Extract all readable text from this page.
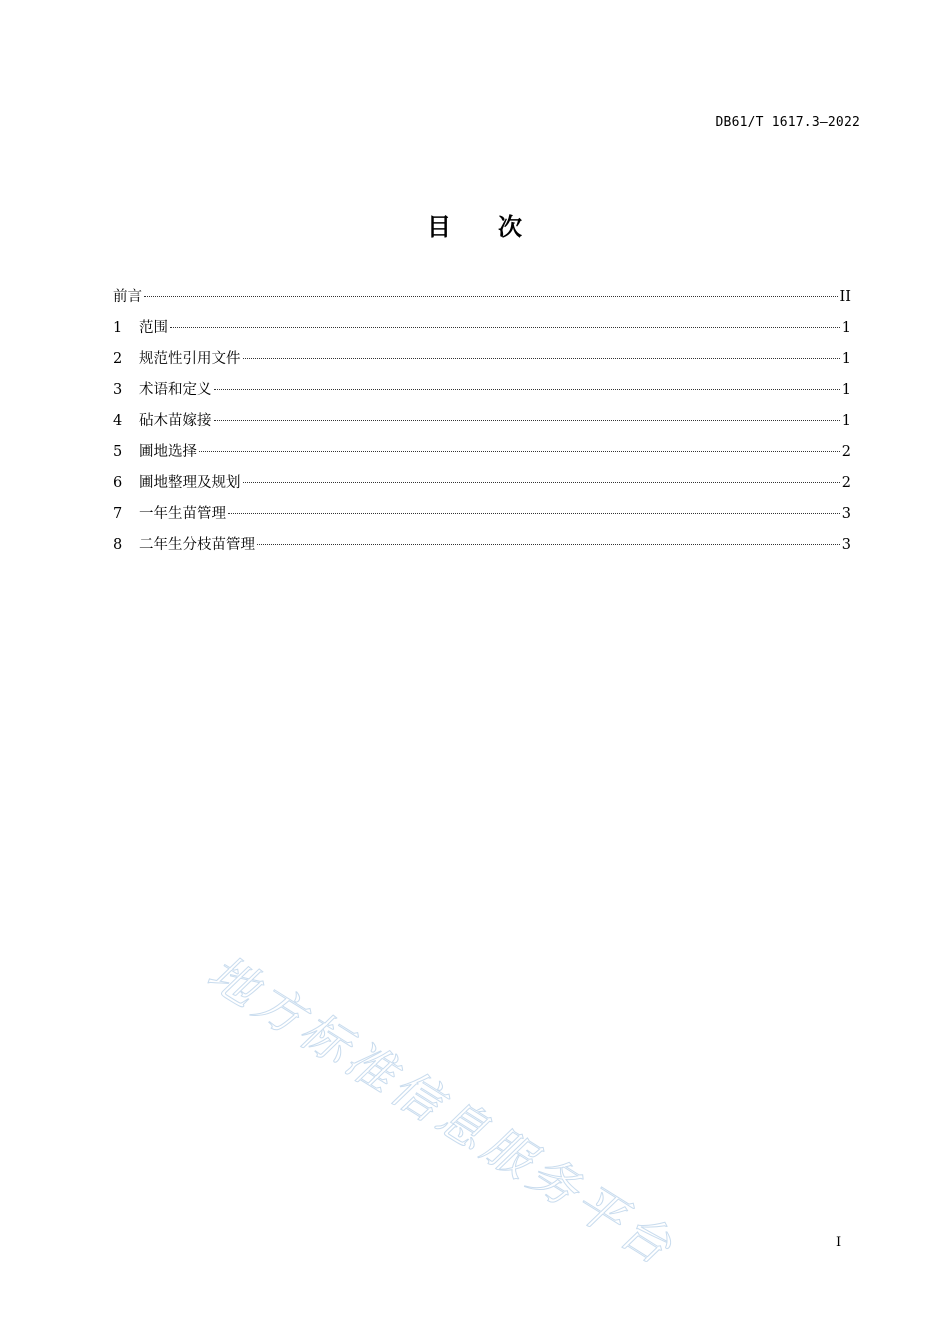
DB61/T 1617.3—2022
目 次
前言	II
1	范围	1
2	规范性引用文件	1
3	术语和定义	1
4	砧木苗嫁接	1
5	圃地选择	2
6	圃地整理及规划	2
7	一年生苗管理	3
8	二年生分枝苗管理	3
地方标准信息服务平台	I
